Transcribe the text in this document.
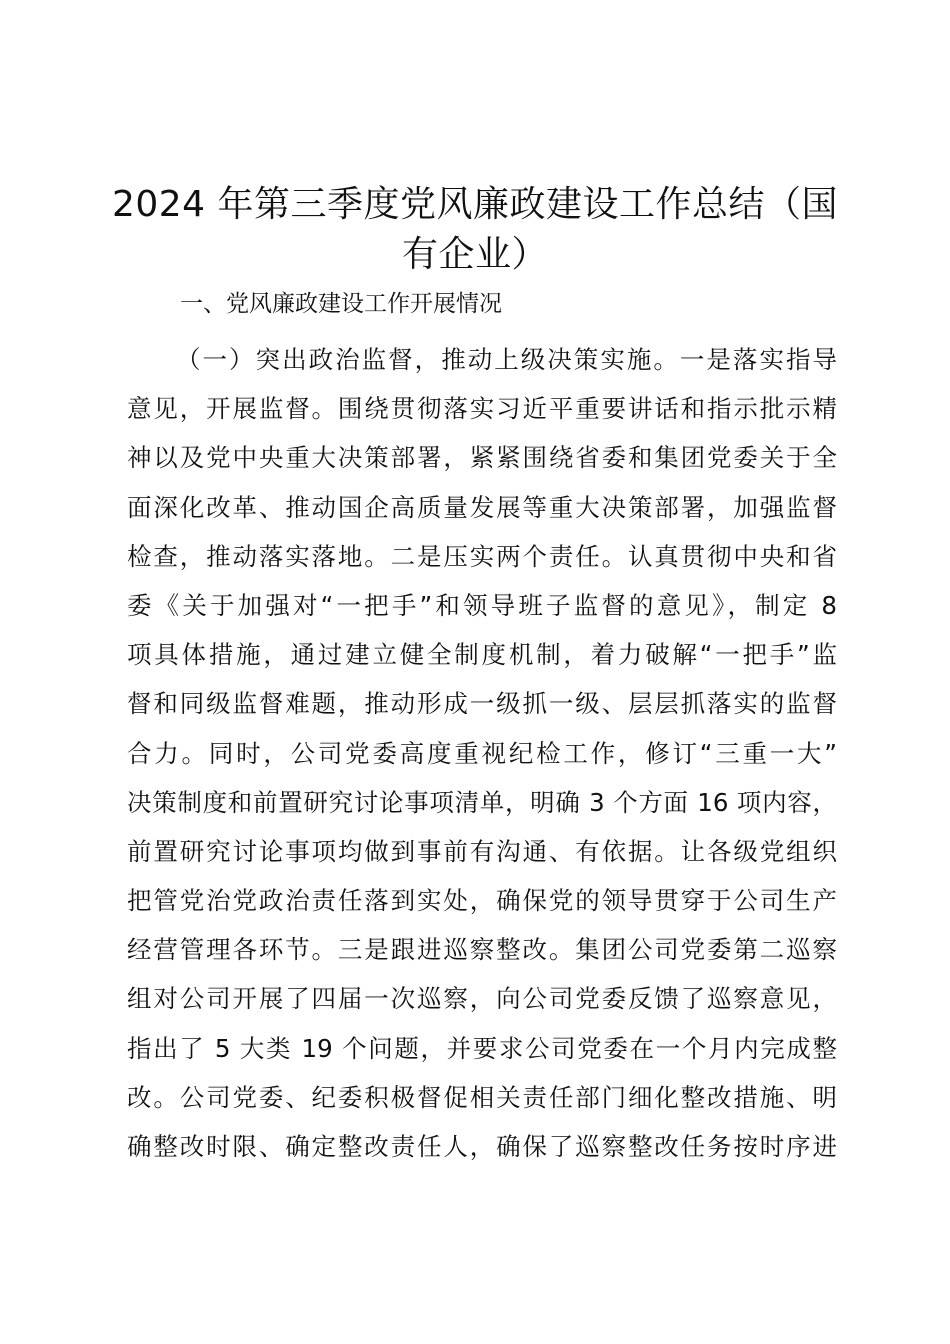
2024 年第三季度党风廉政建设工作总结（国
有企业）
一、党风廉政建设工作开展情况
（一）突出政治监督，推动上级决策实施。一是落实指导
意见，开展监督。围绕贯彻落实习近平重要讲话和指示批示精
神以及党中央重大决策部署，紧紧围绕省委和集团党委关于全
面深化改革、推动国企高质量发展等重大决策部署，加强监督
检查，推动落实落地。二是压实两个责任。认真贯彻中央和省
委《关于加强对“一把手”和领导班子监督的意见》，制定 8
项具体措施，通过建立健全制度机制，着力破解“一把手”监
督和同级监督难题，推动形成一级抓一级、层层抓落实的监督
合力。同时，公司党委高度重视纪检工作，修订“三重一大”
决策制度和前置研究讨论事项清单，明确 3 个方面 16 项内容，
前置研究讨论事项均做到事前有沟通、有依据。让各级党组织
把管党治党政治责任落到实处，确保党的领导贯穿于公司生产
经营管理各环节。三是跟进巡察整改。集团公司党委第二巡察
组对公司开展了四届一次巡察，向公司党委反馈了巡察意见，
指出了 5 大类 19 个问题，并要求公司党委在一个月内完成整
改。公司党委、纪委积极督促相关责任部门细化整改措施、明
确整改时限、确定整改责任人，确保了巡察整改任务按时序进
